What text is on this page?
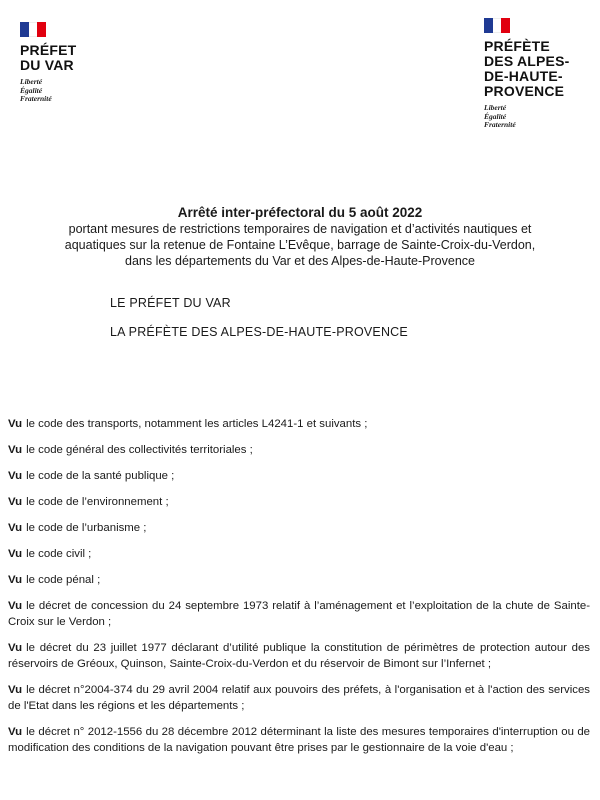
PRÉFET
DU VAR
Liberté
Égalité
Fraternité
PRÉFÈTE
DES ALPES-
DE-HAUTE-
PROVENCE
Liberté
Égalité
Fraternité
Arrêté inter-préfectoral du 5 août 2022
portant mesures de restrictions temporaires de navigation et d’activités nautiques et
aquatiques sur la retenue de Fontaine L’Evêque, barrage de Sainte-Croix-du-Verdon,
dans les départements du Var et des Alpes-de-Haute-Provence
LE PRÉFET DU VAR
LA PRÉFÈTE DES ALPES-DE-HAUTE-PROVENCE

Vu le code des transports, notamment les articles L4241-1 et suivants ;

Vu le code général des collectivités territoriales ;

Vu le code de la santé publique ;

Vu le code de l’environnement ;

Vu le code de l’urbanisme ;

Vu le code civil ;

Vu le code pénal ;

Vu le décret de concession du 24 septembre 1973 relatif à l’aménagement et l’exploitation de la chute de Sainte-Croix sur le Verdon ;

Vu le décret du 23 juillet 1977 déclarant d’utilité publique la constitution de périmètres de protection autour des réservoirs de Gréoux, Quinson, Sainte-Croix-du-Verdon et du réservoir de Bimont sur l’Infernet ;

Vu le décret n°2004-374 du 29 avril 2004 relatif aux pouvoirs des préfets, à l'organisation et à l'action des services de l'Etat dans les régions et les départements ;

Vu le décret n° 2012-1556 du 28 décembre 2012 déterminant la liste des mesures temporaires d'interruption ou de modification des conditions de la navigation pouvant être prises par le gestionnaire de la voie d'eau ;
